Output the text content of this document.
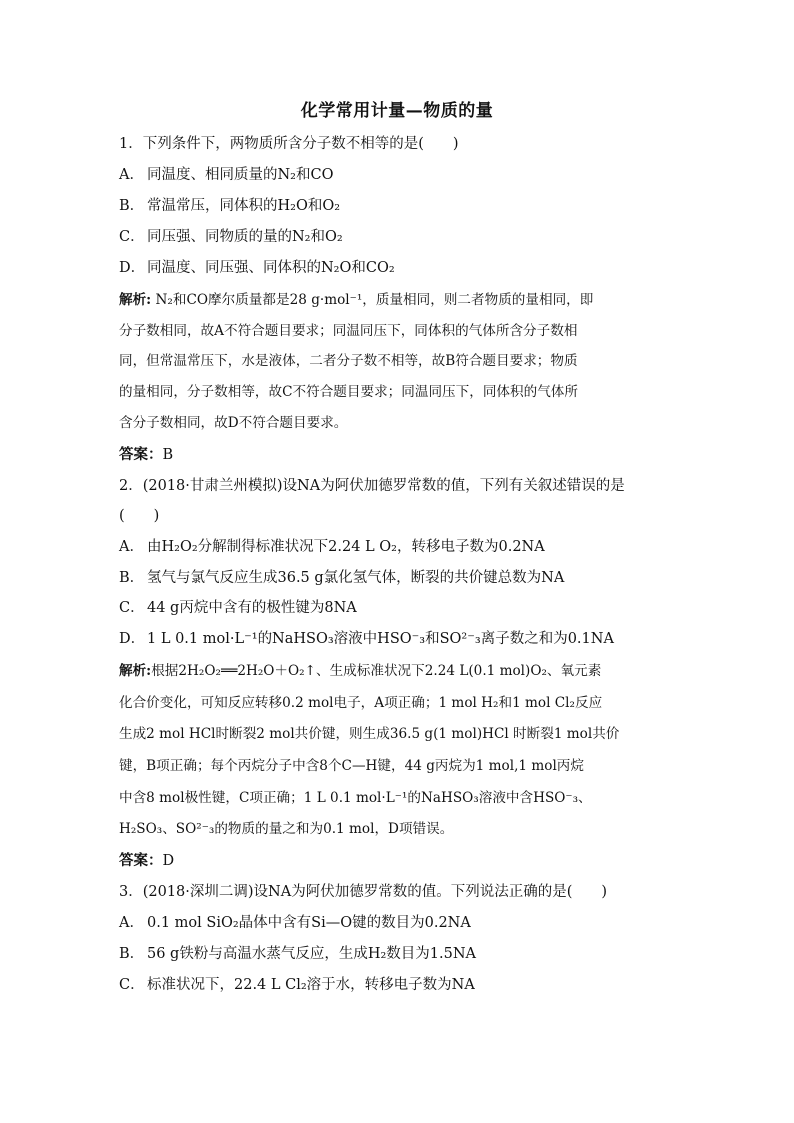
化学常用计量—物质的量
1．下列条件下，两物质所含分子数不相等的是(　　)
A． 同温度、相同质量的N₂和CO
B． 常温常压，同体积的H₂O和O₂
C． 同压强、同物质的量的N₂和O₂
D． 同温度、同压强、同体积的N₂O和CO₂
解析: N₂和CO摩尔质量都是28 g·mol⁻¹，质量相同，则二者物质的量相同，即
分子数相同，故A不符合题目要求；同温同压下，同体积的气体所含分子数相
同，但常温常压下，水是液体，二者分子数不相等，故B符合题目要求；物质
的量相同，分子数相等，故C不符合题目要求；同温同压下，同体积的气体所
含分子数相同，故D不符合题目要求。
答案：B
2．(2018·甘肃兰州模拟)设NA为阿伏加德罗常数的值，下列有关叙述错误的是
(　　)
A． 由H₂O₂分解制得标准状况下2.24 L O₂，转移电子数为0.2NA
B． 氢气与氯气反应生成36.5 g氯化氢气体，断裂的共价键总数为NA
C． 44 g丙烷中含有的极性键为8NA
D． 1 L 0.1 mol·L⁻¹的NaHSO₃溶液中HSO⁻₃和SO²⁻₃离子数之和为0.1NA
解析:根据2H₂O₂══2H₂O＋O₂↑、生成标准状况下2.24 L(0.1 mol)O₂、氧元素
化合价变化，可知反应转移0.2 mol电子，A项正确；1 mol H₂和1 mol Cl₂反应
生成2 mol HCl时断裂2 mol共价键，则生成36.5 g(1 mol)HCl 时断裂1 mol共价
键，B项正确；每个丙烷分子中含8个C—H键，44 g丙烷为1 mol,1 mol丙烷
中含8 mol极性键，C项正确；1 L 0.1 mol·L⁻¹的NaHSO₃溶液中含HSO⁻₃、
H₂SO₃、SO²⁻₃的物质的量之和为0.1 mol，D项错误。
答案：D
3．(2018·深圳二调)设NA为阿伏加德罗常数的值。下列说法正确的是(　　)
A． 0.1 mol SiO₂晶体中含有Si—O键的数目为0.2NA
B． 56 g铁粉与高温水蒸气反应，生成H₂数目为1.5NA
C． 标准状况下，22.4 L Cl₂溶于水，转移电子数为NA
